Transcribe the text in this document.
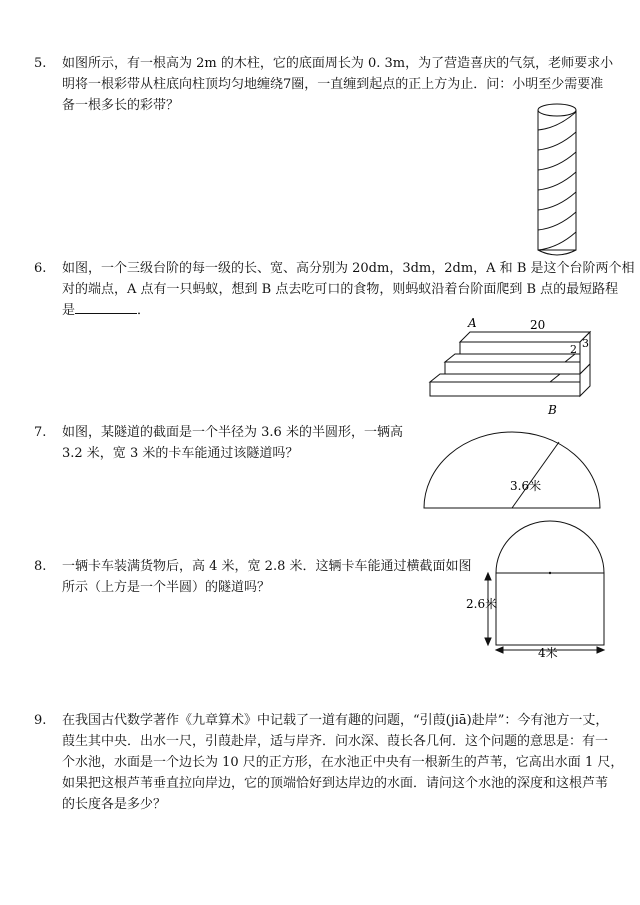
5.	如图所示，有一根高为 2m 的木柱，它的底面周长为 0. 3m，为了营造喜庆的气氛，老师要求小
明将一根彩带从柱底向柱顶均匀地缠绕7圈，一直缠到起点的正上方为止．问：小明至少需要准
备一根多长的彩带？
6.	如图，一个三级台阶的每一级的长、宽、高分别为 20dm，3dm，2dm，A 和 B 是这个台阶两个相
对的端点，A 点有一只蚂蚁，想到 B 点去吃可口的食物，则蚂蚁沿着台阶面爬到 B 点的最短路程
是	．
A	20
2 3
B
7.	如图，某隧道的截面是一个半径为 3.6 米的半圆形，一辆高
3.2 米，宽 3 米的卡车能通过该隧道吗？
3.6米
8.	一辆卡车装满货物后，高 4 米，宽 2.8 米．这辆卡车能通过横截面如图
所示（上方是一个半圆）的隧道吗？
2.6米
4米
9.	在我国古代数学著作《九章算术》中记载了一道有趣的问题，“引葭(jiā)赴岸”：今有池方一丈，
葭生其中央．出水一尺，引葭赴岸，适与岸齐．问水深、葭长各几何．这个问题的意思是：有一
个水池，水面是一个边长为 10 尺的正方形，在水池正中央有一根新生的芦苇，它高出水面 1 尺，
如果把这根芦苇垂直拉向岸边，它的顶端恰好到达岸边的水面．请问这个水池的深度和这根芦苇
的长度各是多少？
